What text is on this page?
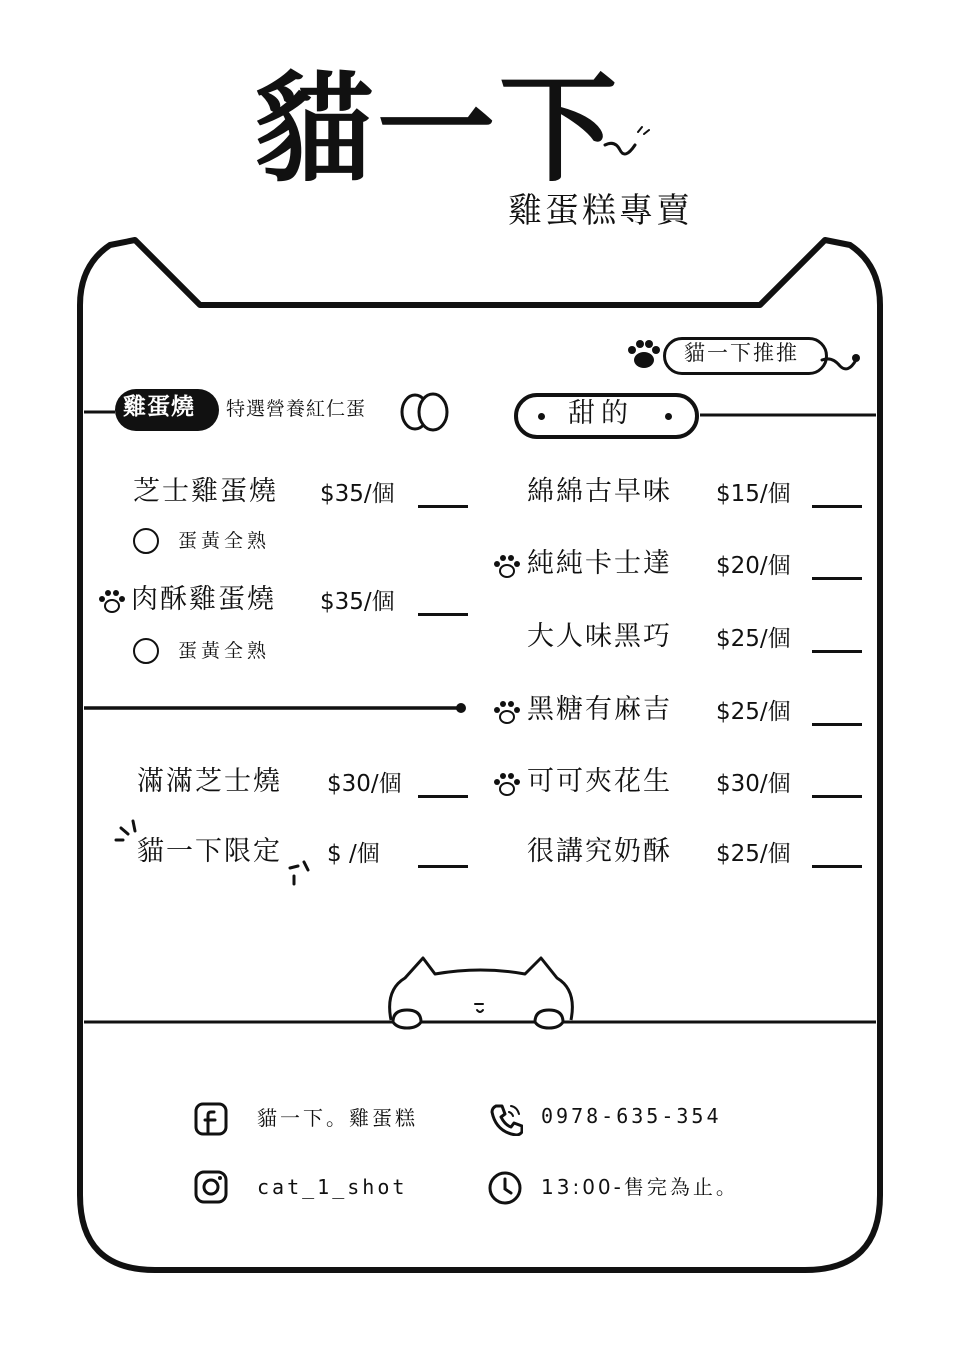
貓一下
雞蛋糕專賣
貓一下推推
雞蛋燒 特選營養紅仁蛋	甜的
芝士雞蛋燒 $35/個
蛋黃全熟
肉酥雞蛋燒 $35/個
蛋黃全熟
滿滿芝士燒 $30/個
貓一下限定 $ /個
綿綿古早味 $15/個
純純卡士達 $20/個
大人味黑巧 $25/個
黑糖有麻吉 $25/個
可可夾花生 $30/個
很講究奶酥 $25/個
貓一下。雞蛋糕	0978-635-354
cat_1_shot	13:00-售完為止。
